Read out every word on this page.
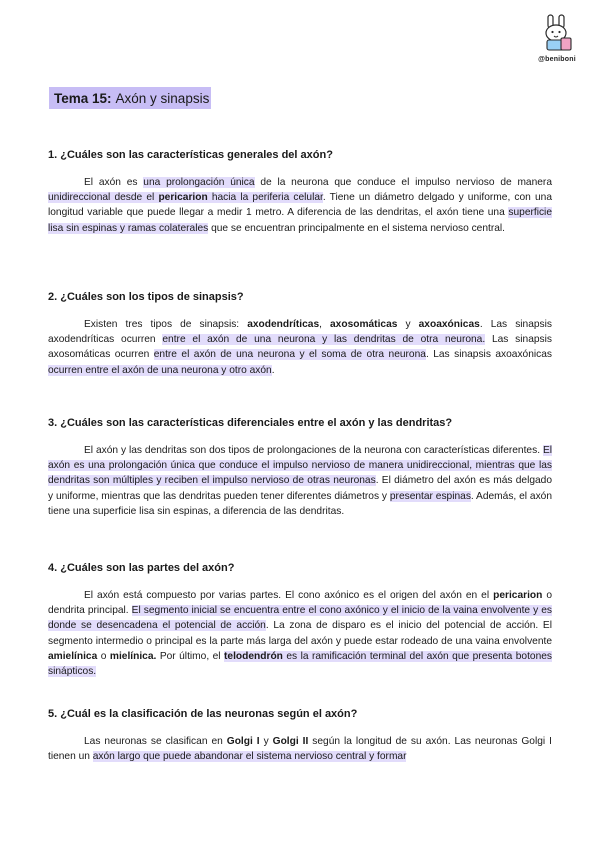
@beniboni
Tema 15: Axón y sinapsis
1. ¿Cuáles son las características generales del axón?

El axón es una prolongación única de la neurona que conduce el impulso nervioso de manera unidireccional desde el pericarion hacia la periferia celular. Tiene un diámetro delgado y uniforme, con una longitud variable que puede llegar a medir 1 metro. A diferencia de las dendritas, el axón tiene una superficie lisa sin espinas y ramas colaterales que se encuentran principalmente en el sistema nervioso central.

2. ¿Cuáles son los tipos de sinapsis?

Existen tres tipos de sinapsis: axodendríticas, axosomáticas y axoaxónicas. Las sinapsis axodendríticas ocurren entre el axón de una neurona y las dendritas de otra neurona. Las sinapsis axosomáticas ocurren entre el axón de una neurona y el soma de otra neurona. Las sinapsis axoaxónicas ocurren entre el axón de una neurona y otro axón.

3. ¿Cuáles son las características diferenciales entre el axón y las dendritas?

El axón y las dendritas son dos tipos de prolongaciones de la neurona con características diferentes. El axón es una prolongación única que conduce el impulso nervioso de manera unidireccional, mientras que las dendritas son múltiples y reciben el impulso nervioso de otras neuronas. El diámetro del axón es más delgado y uniforme, mientras que las dendritas pueden tener diferentes diámetros y presentar espinas. Además, el axón tiene una superficie lisa sin espinas, a diferencia de las dendritas.

4. ¿Cuáles son las partes del axón?

El axón está compuesto por varias partes. El cono axónico es el origen del axón en el pericarion o dendrita principal. El segmento inicial se encuentra entre el cono axónico y el inicio de la vaina envolvente y es donde se desencadena el potencial de acción. La zona de disparo es el inicio del potencial de acción. El segmento intermedio o principal es la parte más larga del axón y puede estar rodeado de una vaina envolvente amielínica o mielínica. Por último, el telodendrón es la ramificación terminal del axón que presenta botones sinápticos.

5. ¿Cuál es la clasificación de las neuronas según el axón?

Las neuronas se clasifican en Golgi I y Golgi II según la longitud de su axón. Las neuronas Golgi I tienen un axón largo que puede abandonar el sistema nervioso central y formar
